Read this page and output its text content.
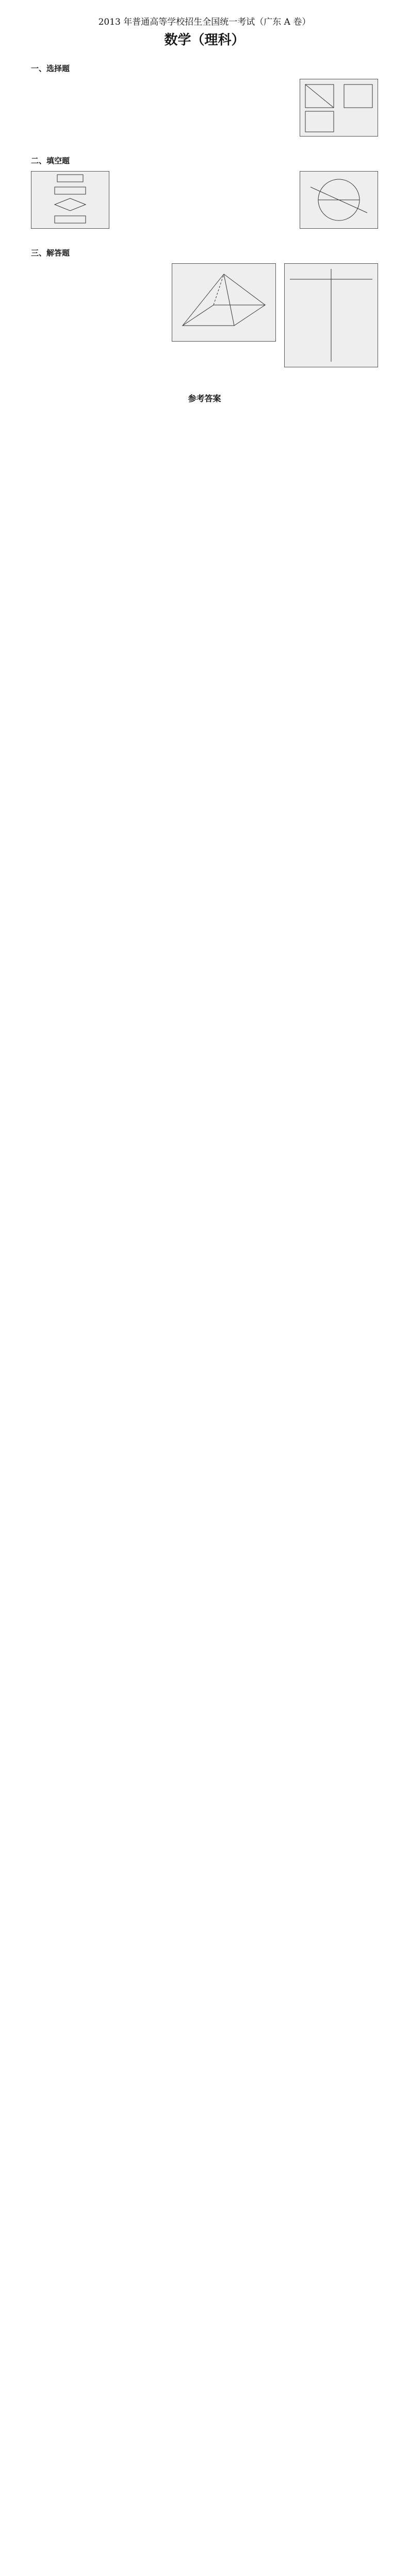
2013 年普通高等学校招生全国统一考试（广东 A 卷）
数学（理科）
一、选择题
二、填空题
三、解答题
参考答案
